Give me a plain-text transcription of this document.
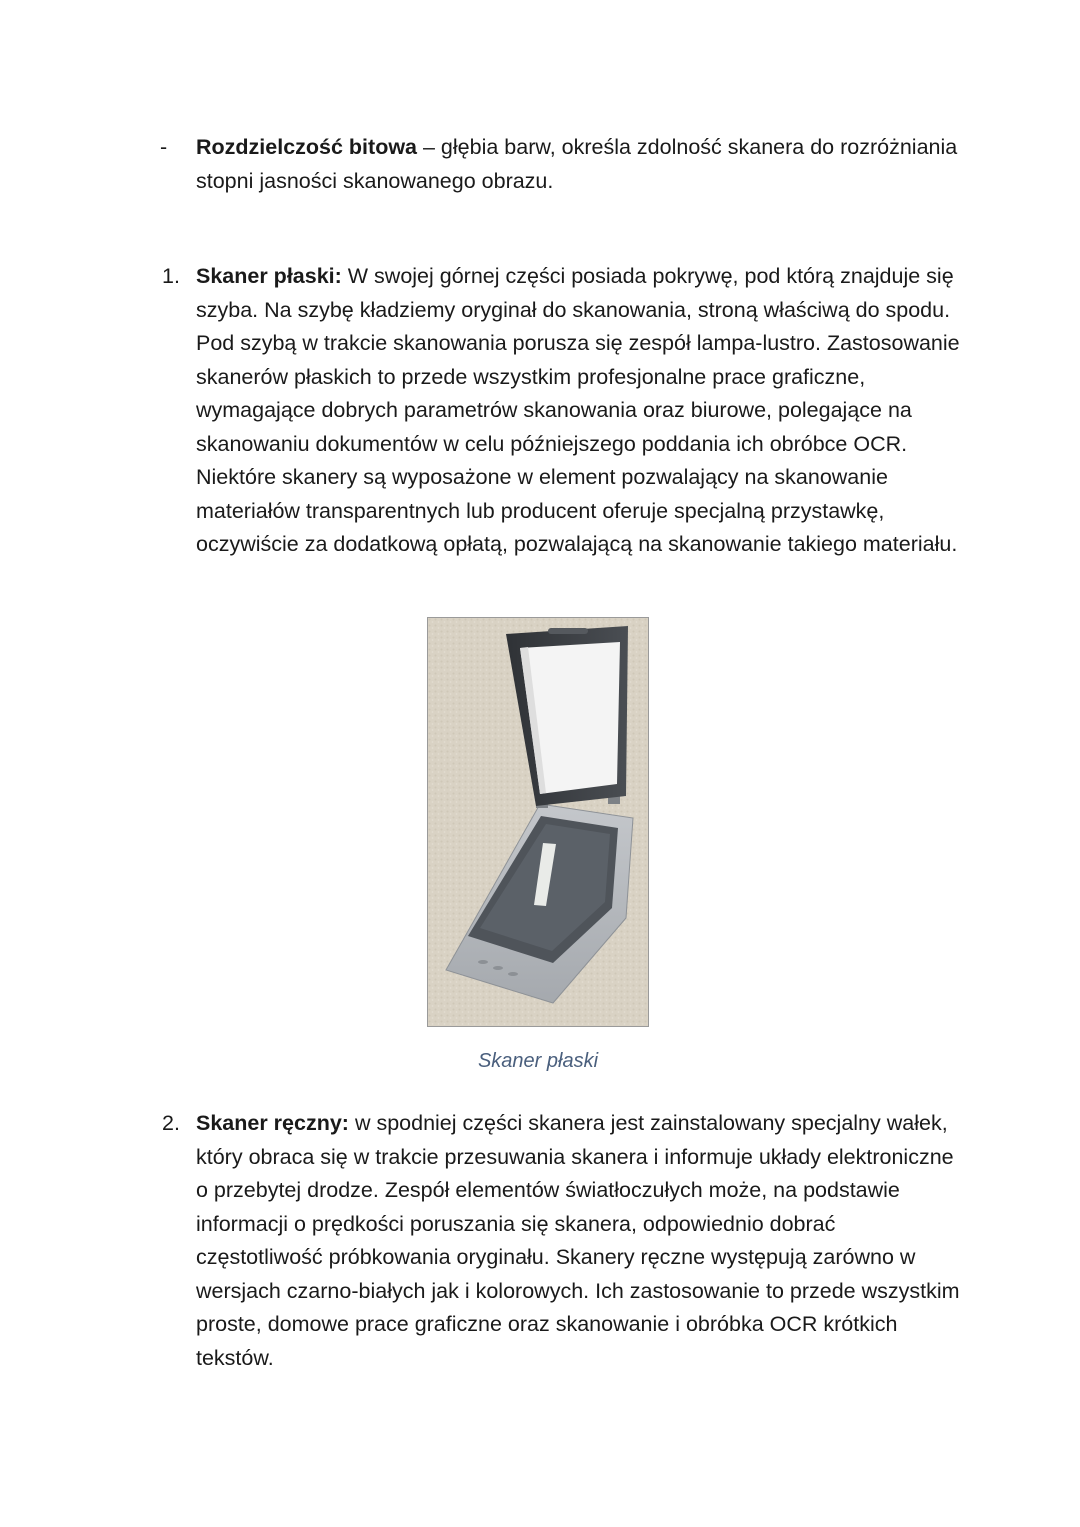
- Rozdzielczość bitowa – głębia barw, określa zdolność skanera do rozróżniania stopni jasności skanowanego obrazu.

1. Skaner płaski: W swojej górnej części posiada pokrywę, pod którą znajduje się szyba. Na szybę kładziemy oryginał do skanowania, stroną właściwą do spodu. Pod szybą w trakcie skanowania porusza się zespół lampa-lustro. Zastosowanie skanerów płaskich to przede wszystkim profesjonalne prace graficzne, wymagające dobrych parametrów skanowania oraz biurowe, polegające na skanowaniu dokumentów w celu późniejszego poddania ich obróbce OCR. Niektóre skanery są wyposażone w element pozwalający na skanowanie materiałów transparentnych lub producent oferuje specjalną przystawkę, oczywiście za dodatkową opłatą, pozwalającą na skanowanie takiego materiału.

Skaner płaski
2. Skaner ręczny: w spodniej części skanera jest zainstalowany specjalny wałek, który obraca się w trakcie przesuwania skanera i informuje układy elektroniczne o przebytej drodze. Zespół elementów światłoczułych może, na podstawie informacji o prędkości poruszania się skanera, odpowiednio dobrać częstotliwość próbkowania oryginału. Skanery ręczne występują zarówno w wersjach czarno-białych jak i kolorowych. Ich zastosowanie to przede wszystkim proste, domowe prace graficzne oraz skanowanie i obróbka OCR krótkich tekstów.
